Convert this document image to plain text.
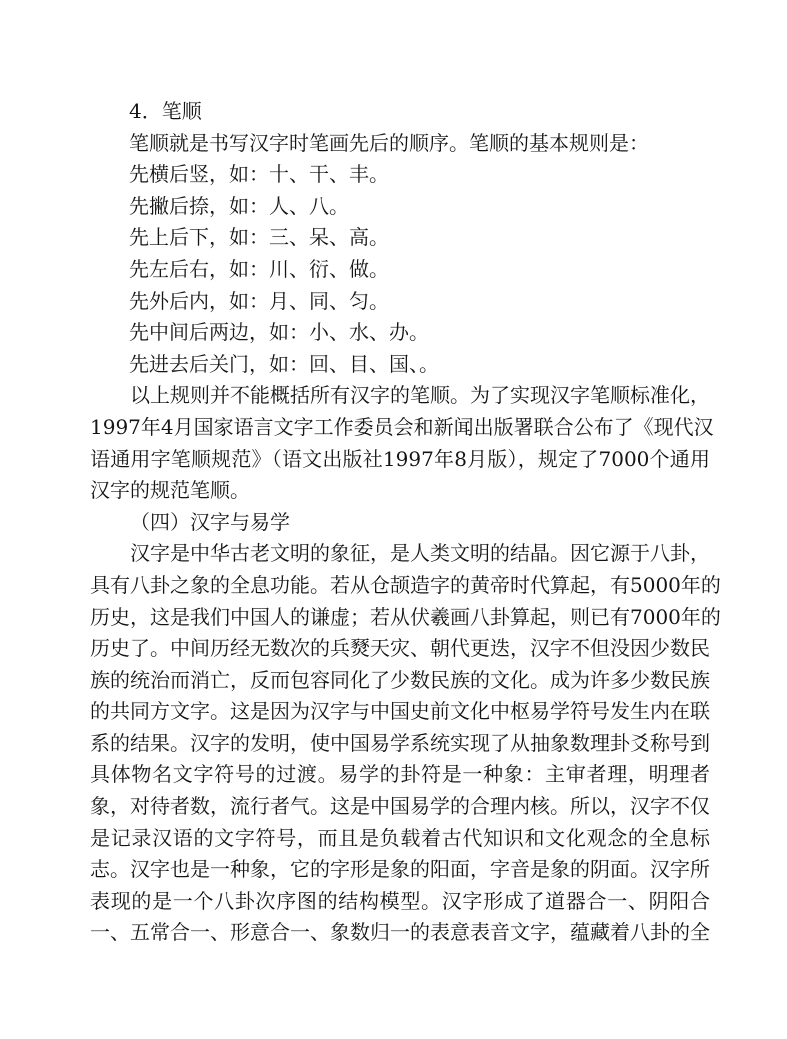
4．笔顺
笔顺就是书写汉字时笔画先后的顺序。笔顺的基本规则是：
先横后竖，如：十、干、丰。
先撇后捺，如：人、八。
先上后下，如：三、呆、高。
先左后右，如：川、衍、做。
先外后内，如：月、同、匀。
先中间后两边，如：小、水、办。
先进去后关门，如：回、目、国、。
以上规则并不能概括所有汉字的笔顺。为了实现汉字笔顺标准化，
1997年4月国家语言文字工作委员会和新闻出版署联合公布了《现代汉
语通用字笔顺规范》（语文出版社1997年8月版），规定了7000个通用
汉字的规范笔顺。
（四）汉字与易学
汉字是中华古老文明的象征，是人类文明的结晶。因它源于八卦，
具有八卦之象的全息功能。若从仓颉造字的黄帝时代算起，有5000年的
历史，这是我们中国人的谦虚；若从伏羲画八卦算起，则已有7000年的
历史了。中间历经无数次的兵燹天灾、朝代更迭，汉字不但没因少数民
族的统治而消亡，反而包容同化了少数民族的文化。成为许多少数民族
的共同方文字。这是因为汉字与中国史前文化中枢易学符号发生内在联
系的结果。汉字的发明，使中国易学系统实现了从抽象数理卦爻称号到
具体物名文字符号的过渡。易学的卦符是一种象：主审者理，明理者
象，对待者数，流行者气。这是中国易学的合理内核。所以，汉字不仅
是记录汉语的文字符号，而且是负载着古代知识和文化观念的全息标
志。汉字也是一种象，它的字形是象的阳面，字音是象的阴面。汉字所
表现的是一个八卦次序图的结构模型。汉字形成了道器合一、阴阳合
一、五常合一、形意合一、象数归一的表意表音文字，蕴藏着八卦的全
